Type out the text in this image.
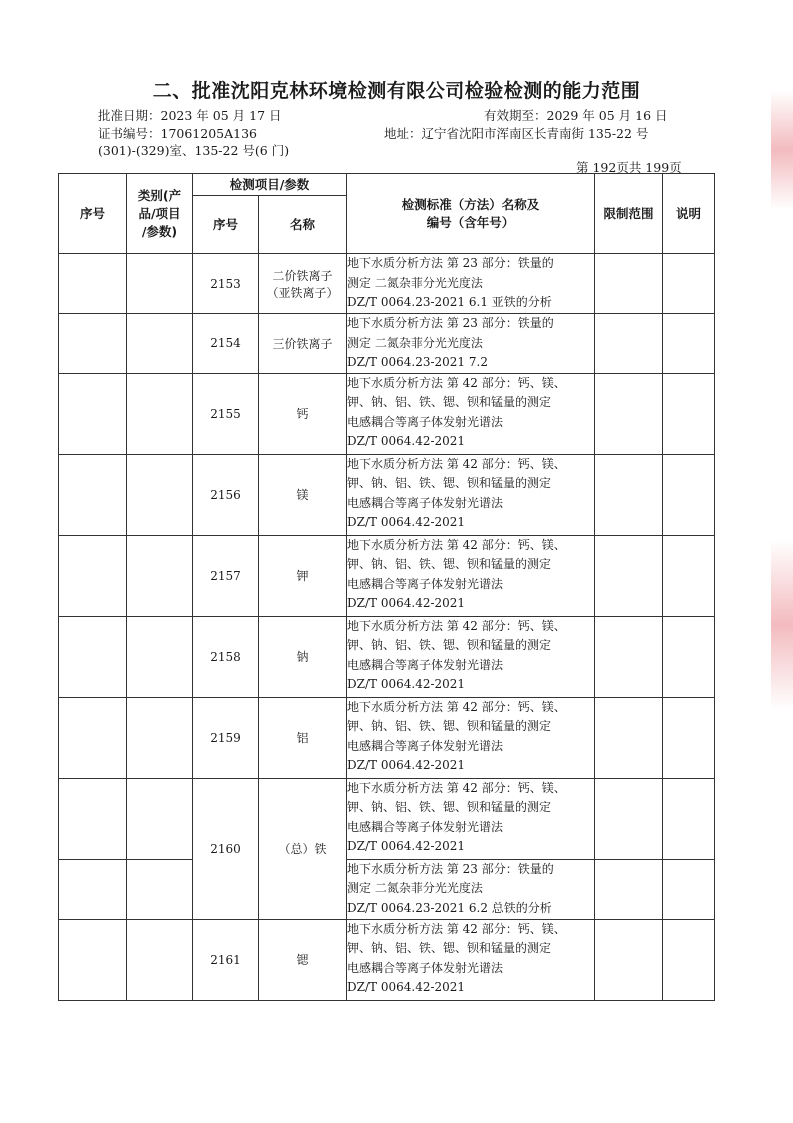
二、批准沈阳克林环境检测有限公司检验检测的能力范围
批准日期：2023 年 05 月 17 日	有效期至：2029 年 05 月 16 日
证书编号：17061205A136	地址：辽宁省沈阳市浑南区长青南街 135-22 号
(301)-(329)室、135-22 号(6 门)
第 192页共 199页
序号	类别(产
品/项目
/参数)	检测项目/参数		检测标准（方法）名称及
编号（含年号）	限制范围	说明
		序号	名称			
		2153	二价铁离子
（亚铁离子）	地下水质分析方法 第 23 部分：铁量的
测定 二氮杂菲分光光度法
DZ/T 0064.23-2021 6.1 亚铁的分析		

		2154	三价铁离子	地下水质分析方法 第 23 部分：铁量的
测定 二氮杂菲分光光度法
DZ/T 0064.23-2021 7.2		

		2155	钙	地下水质分析方法 第 42 部分：钙、镁、
钾、钠、铝、铁、锶、钡和锰量的测定
电感耦合等离子体发射光谱法
DZ/T 0064.42-2021		

		2156	镁	地下水质分析方法 第 42 部分：钙、镁、
钾、钠、铝、铁、锶、钡和锰量的测定
电感耦合等离子体发射光谱法
DZ/T 0064.42-2021		

		2157	钾	地下水质分析方法 第 42 部分：钙、镁、
钾、钠、铝、铁、锶、钡和锰量的测定
电感耦合等离子体发射光谱法
DZ/T 0064.42-2021		

		2158	钠	地下水质分析方法 第 42 部分：钙、镁、
钾、钠、铝、铁、锶、钡和锰量的测定
电感耦合等离子体发射光谱法
DZ/T 0064.42-2021		

		2159	铝	地下水质分析方法 第 42 部分：钙、镁、
钾、钠、铝、铁、锶、钡和锰量的测定
电感耦合等离子体发射光谱法
DZ/T 0064.42-2021		

		2160	（总）铁	地下水质分析方法 第 42 部分：钙、镁、
钾、钠、铝、铁、锶、钡和锰量的测定
电感耦合等离子体发射光谱法
DZ/T 0064.42-2021		

				地下水质分析方法 第 23 部分：铁量的
测定 二氮杂菲分光光度法
DZ/T 0064.23-2021 6.2 总铁的分析		

		2161	锶	地下水质分析方法 第 42 部分：钙、镁、
钾、钠、铝、铁、锶、钡和锰量的测定
电感耦合等离子体发射光谱法
DZ/T 0064.42-2021		
